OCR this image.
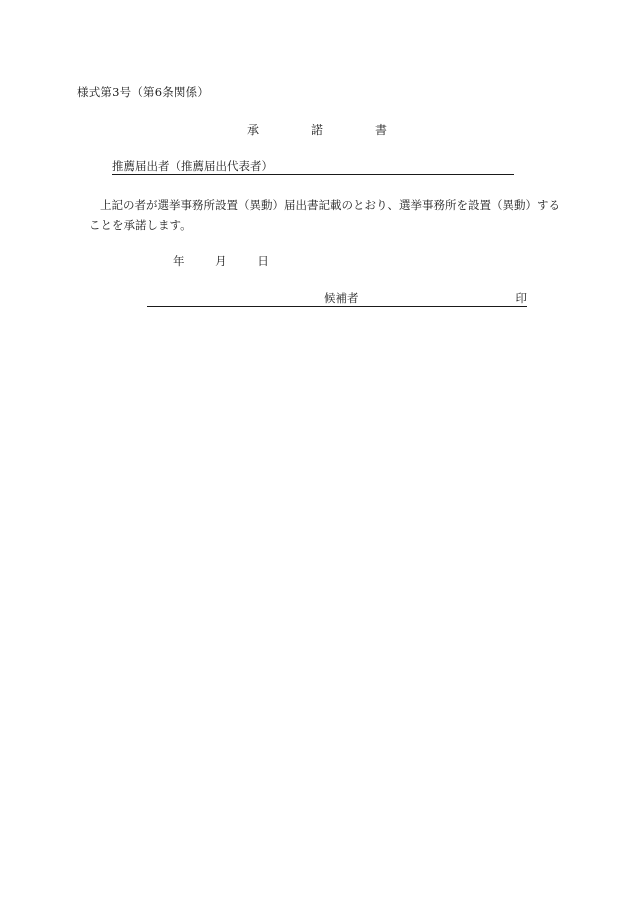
様式第3号（第6条関係）
承	諾	書
推薦届出者（推薦届出代表者）
上記の者が選挙事務所設置（異動）届出書記載のとおり、選挙事務所を設置（異動）する
ことを承諾します。
年	月	日
候補者	印
